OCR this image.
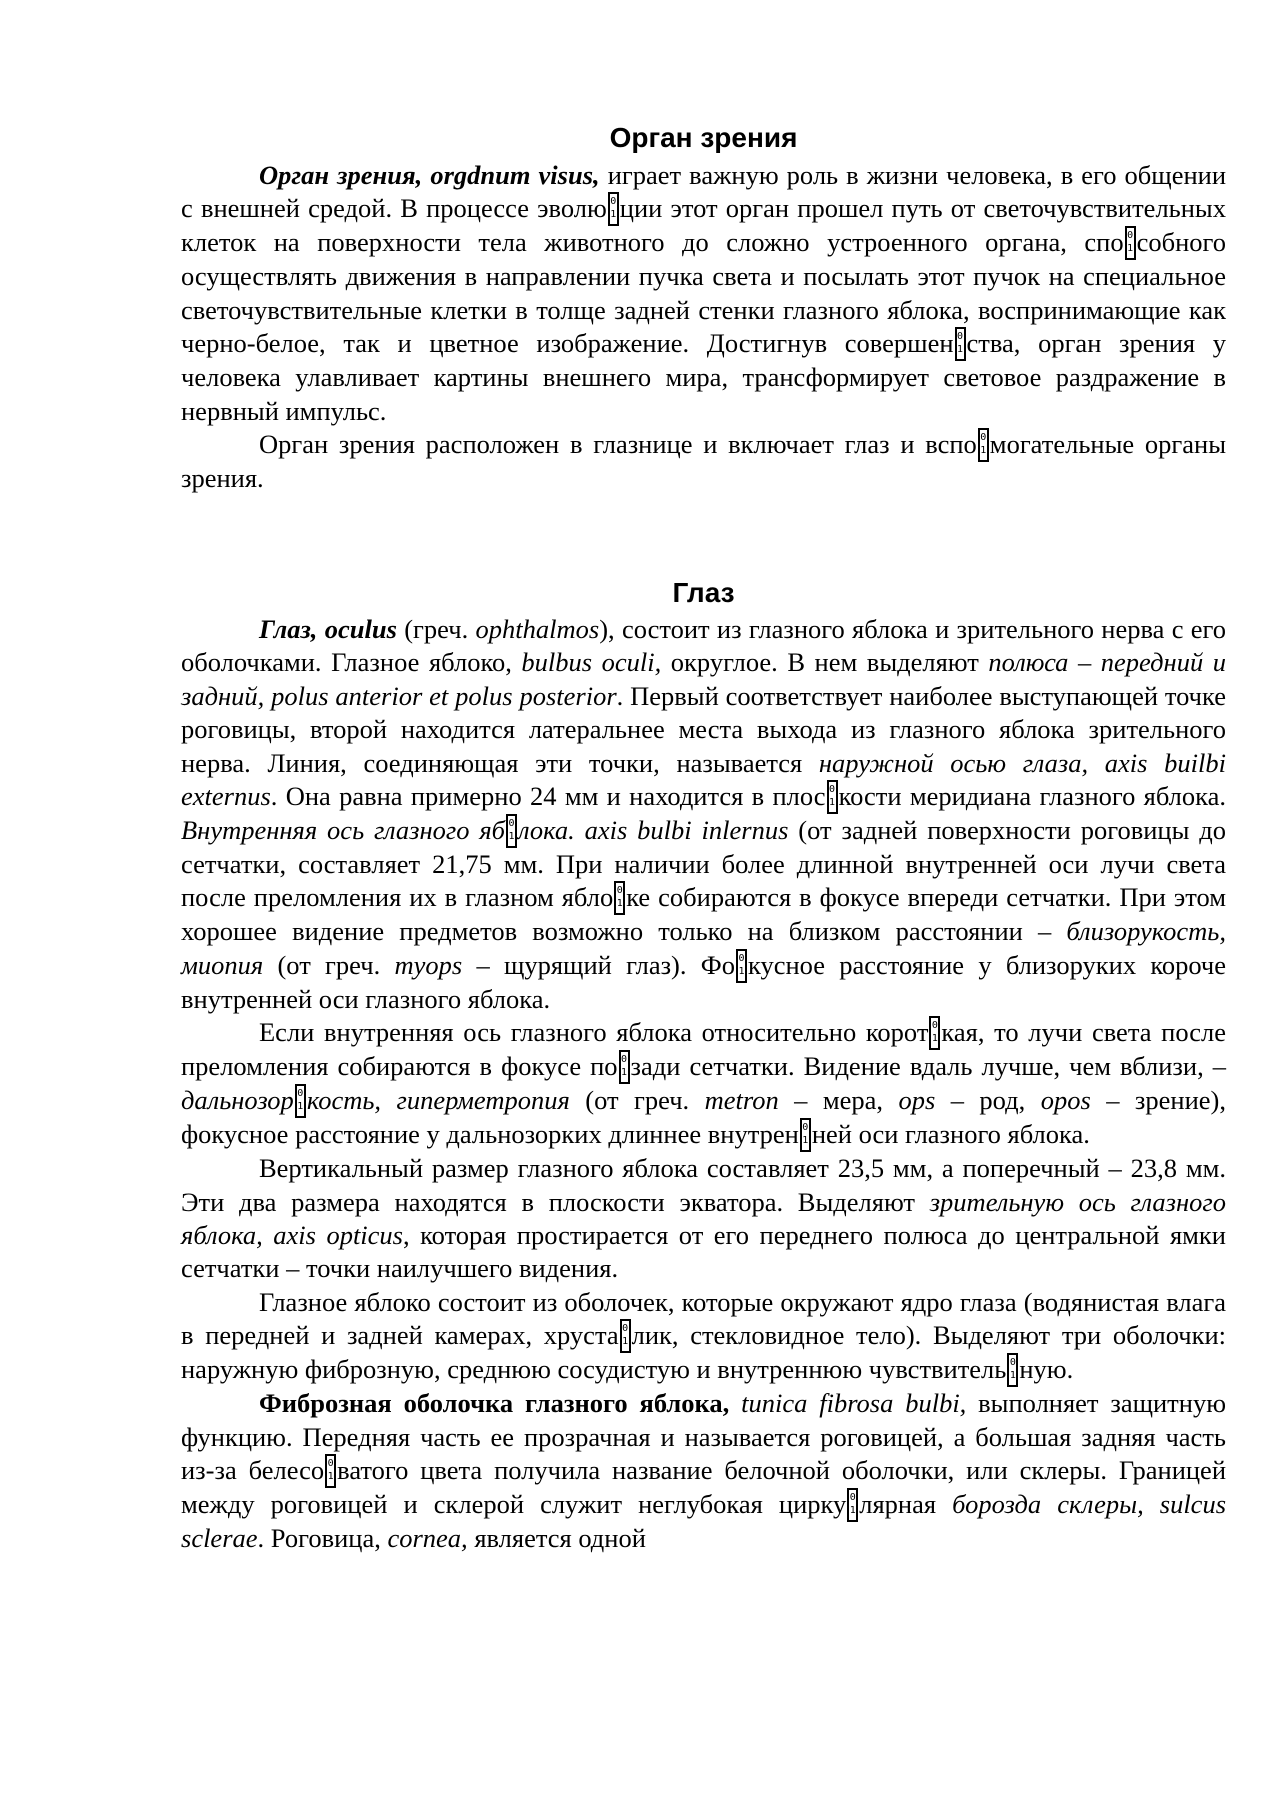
Орган зрения

Орган зрения, orgdnum visus, играет важную роль в жизни человека, в его общении с внешней средой. В процессе эволю 0
1 ции этот орган прошел путь от светочувствительных клеток на поверхности тела животного до сложно устроенного органа, спо 0
1 собного осуществлять движения в направлении пучка света и посылать этот пучок на специальное светочувствительные клетки в толще задней стенки глазного яблока, воспринимающие как черно-белое, так и цветное изображение. Достигнув совершен 0
1 ства, орган зрения у человека улавливает картины внешнего мира, трансформирует световое раздражение в нервный импульс.

Орган зрения расположен в глазнице и включает глаз и вспо 0
1 могательные органы зрения.

Глаз

Глаз, oculus (греч. ophthalmos), состоит из глазного яблока и зрительного нерва с его оболочками. Глазное яблоко, bulbus oculi, округлое. В нем выделяют полюса – передний и задний, polus anterior et polus posterior. Первый соответствует наиболее выступающей точке роговицы, второй находится латеральнее места выхода из глазного яблока зрительного нерва. Линия, соединяющая эти точки, называется наружной осью глаза, axis builbi externus. Она равна примерно 24 мм и находится в плос 0
1 кости меридиана глазного яблока. Внутренняя ось глазного яб 0
1 лока. axis bulbi inlernus (от задней поверхности роговицы до сетчатки, составляет 21,75 мм. При наличии более длинной внутренней оси лучи света после преломления их в глазном ябло 0
1 ке собираются в фокусе впереди сетчатки. При этом хорошее видение предметов возможно только на близком расстоянии – близорукость, миопия (от греч. myops – щурящий глаз). Фо 0
1 кусное расстояние у близоруких короче внутренней оси глазного яблока.

Если внутренняя ось глазного яблока относительно корот 0
1 кая, то лучи света после преломления собираются в фокусе по 0
1 зади сетчатки. Видение вдаль лучше, чем вблизи, – дальнозор 0
1 кость, гиперметропия (от греч. metron – мера, ops – род, opos – зрение), фокусное расстояние у дальнозорких длиннее внутрен 0
1 ней оси глазного яблока.

Вертикальный размер глазного яблока составляет 23,5 мм, а поперечный – 23,8 мм. Эти два размера находятся в плоскости экватора. Выделяют зрительную ось глазного яблока, axis opticus, которая простирается от его переднего полюса до центральной ямки сетчатки – точки наилучшего видения.

Глазное яблоко состоит из оболочек, которые окружают ядро глаза (водянистая влага в передней и задней камерах, хруста 0
1 лик, стекловидное тело). Выделяют три оболочки: наружную фиброзную, среднюю сосудистую и внутреннюю чувствитель 0
1 ную.

Фиброзная оболочка глазного яблока, tunica fibrosa bulbi, выполняет защитную функцию. Передняя часть ее прозрачная и называется роговицей, а большая задняя часть из-за белесо 0
1 ватого цвета получила название белочной оболочки, или склеры. Границей между роговицей и склерой служит неглубокая цирку 0
1 лярная борозда склеры, sulcus sclerae. Роговица, cornea, является одной
